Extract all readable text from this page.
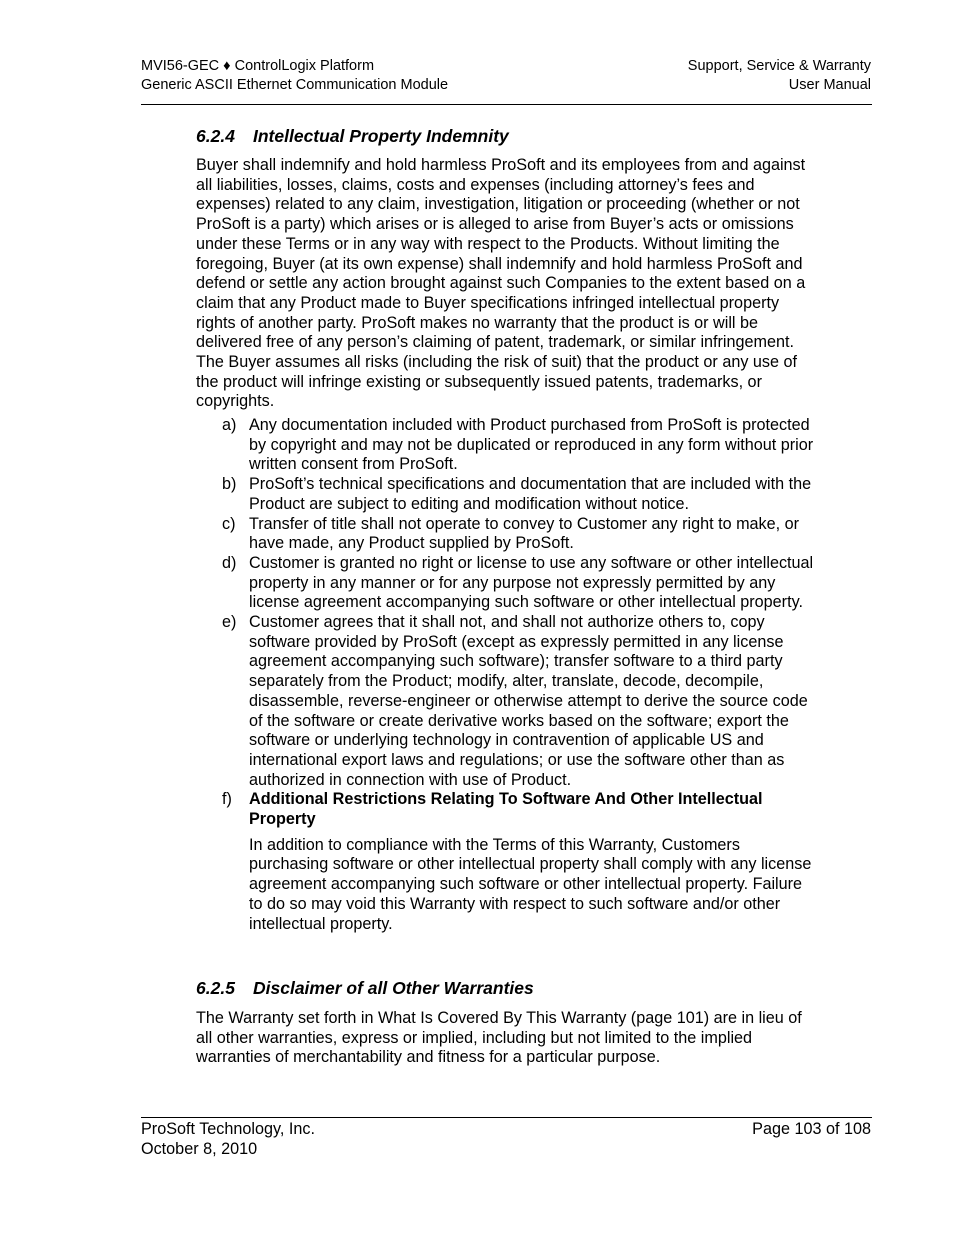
MVI56-GEC ♦ ControlLogix Platform
Generic ASCII Ethernet Communication Module
Support, Service & Warranty
User Manual
6.2.4 Intellectual Property Indemnity

Buyer shall indemnify and hold harmless ProSoft and its employees from and against all liabilities, losses, claims, costs and expenses (including attorney’s fees and expenses) related to any claim, investigation, litigation or proceeding (whether or not ProSoft is a party) which arises or is alleged to arise from Buyer’s acts or omissions under these Terms or in any way with respect to the Products. Without limiting the foregoing, Buyer (at its own expense) shall indemnify and hold harmless ProSoft and defend or settle any action brought against such Companies to the extent based on a claim that any Product made to Buyer specifications infringed intellectual property rights of another party. ProSoft makes no warranty that the product is or will be delivered free of any person’s claiming of patent, trademark, or similar infringement. The Buyer assumes all risks (including the risk of suit) that the product or any use of the product will infringe existing or subsequently issued patents, trademarks, or copyrights.

a) Any documentation included with Product purchased from ProSoft is protected by copyright and may not be duplicated or reproduced in any form without prior written consent from ProSoft.
b) ProSoft’s technical specifications and documentation that are included with the Product are subject to editing and modification without notice.
c) Transfer of title shall not operate to convey to Customer any right to make, or have made, any Product supplied by ProSoft.
d) Customer is granted no right or license to use any software or other intellectual property in any manner or for any purpose not expressly permitted by any license agreement accompanying such software or other intellectual property.
e) Customer agrees that it shall not, and shall not authorize others to, copy software provided by ProSoft (except as expressly permitted in any license agreement accompanying such software); transfer software to a third party separately from the Product; modify, alter, translate, decode, decompile, disassemble, reverse-engineer or otherwise attempt to derive the source code of the software or create derivative works based on the software; export the software or underlying technology in contravention of applicable US and international export laws and regulations; or use the software other than as authorized in connection with use of Product.
f) Additional Restrictions Relating To Software And Other Intellectual Property
In addition to compliance with the Terms of this Warranty, Customers purchasing software or other intellectual property shall comply with any license agreement accompanying such software or other intellectual property. Failure to do so may void this Warranty with respect to such software and/or other intellectual property.
6.2.5 Disclaimer of all Other Warranties

The Warranty set forth in What Is Covered By This Warranty (page 101) are in lieu of all other warranties, express or implied, including but not limited to the implied warranties of merchantability and fitness for a particular purpose.

ProSoft Technology, Inc.
October 8, 2010
Page 103 of 108
